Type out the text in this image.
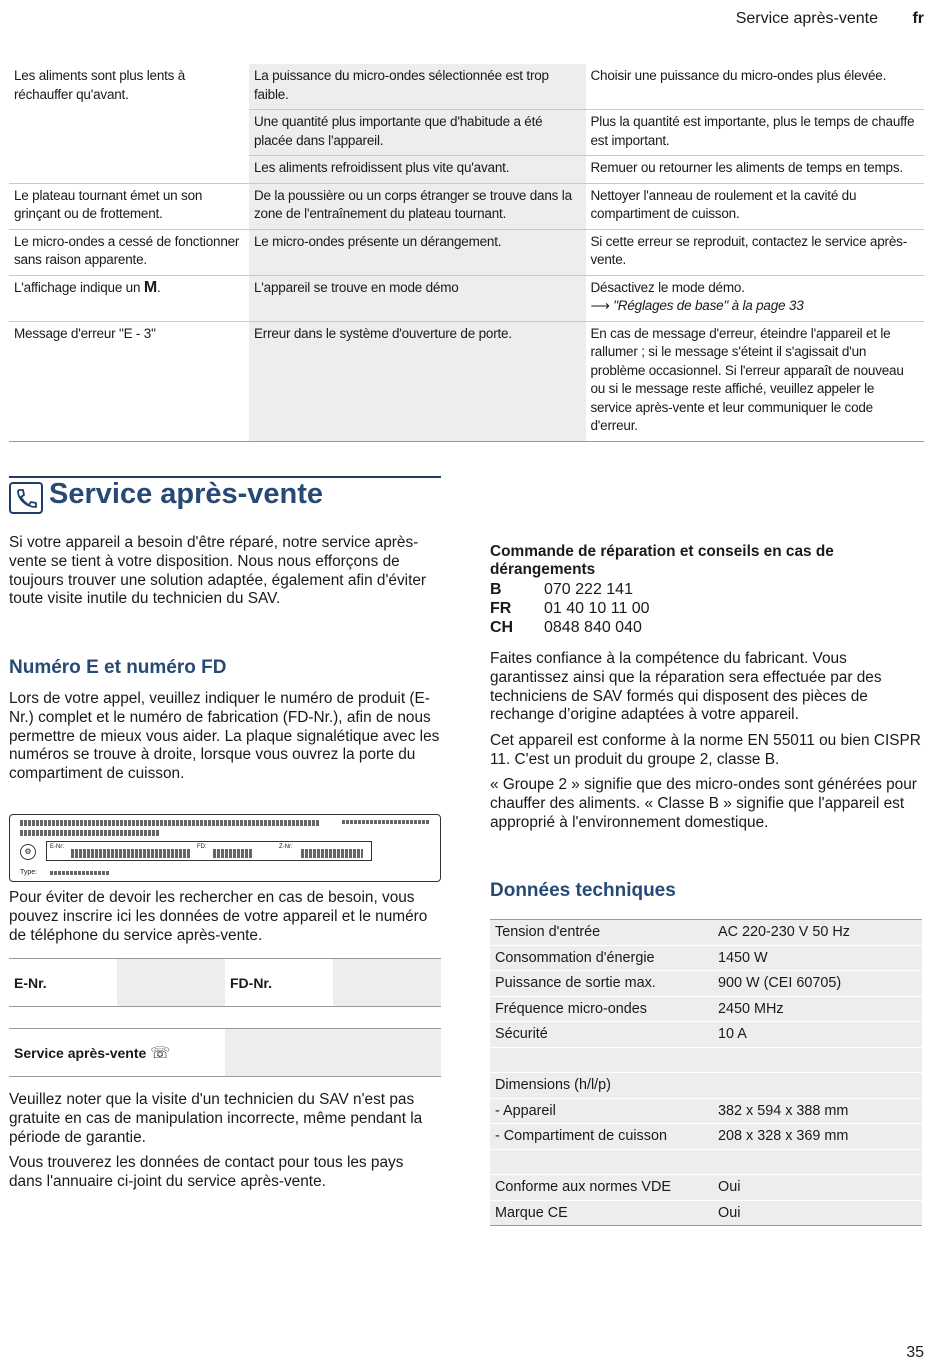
Service après-vente fr
Les aliments sont plus lents à réchauffer qu'avant.	La puissance du micro-ondes sélectionnée est trop faible.	Choisir une puissance du micro-ondes plus élevée.
	Une quantité plus importante que d'habitude a été placée dans l'appareil.	Plus la quantité est importante, plus le temps de chauffe est important.
	Les aliments refroidissent plus vite qu'avant.	Remuer ou retourner les aliments de temps en temps.
Le plateau tournant émet un son grinçant ou de frottement.	De la poussière ou un corps étranger se trouve dans la zone de l'entraînement du plateau tournant.	Nettoyer l'anneau de roulement et la cavité du compartiment de cuisson.
Le micro-ondes a cessé de fonctionner sans raison apparente.	Le micro-ondes présente un dérangement.	Si cette erreur se reproduit, contactez le service après-vente.
L'affichage indique un M.	L'appareil se trouve en mode démo	Désactivez le mode démo.
⟶ "Réglages de base" à la page 33

Message d'erreur "E - 3"	Erreur dans le système d'ouverture de porte.	En cas de message d'erreur, éteindre l'appareil et le rallumer ; si le message s'éteint il s'agissait d'un problème occasionnel. Si l'erreur apparaît de nouveau ou si le message reste affiché, veuillez appeler le service après-vente et leur communiquer le code d'erreur.
Service après-vente
Si votre appareil a besoin d'être réparé, notre service après-vente se tient à votre disposition. Nous nous efforçons de toujours trouver une solution adaptée, également afin d'éviter toute visite inutile du technicien du SAV.
Numéro E et numéro FD
Lors de votre appel, veuillez indiquer le numéro de produit (E-Nr.) complet et le numéro de fabrication (FD-Nr.), afin de nous permettre de mieux vous aider. La plaque signalétique avec les numéros se trouve à droite, lorsque vous ouvrez la porte du compartiment de cuisson.
⚙	E-Nr:	FD:	Z-Nr:
Type:
Pour éviter de devoir les rechercher en cas de besoin, vous pouvez inscrire ici les données de votre appareil et le numéro de téléphone du service après-vente.
E-Nr.		FD-Nr.	

Service après-vente ☏			
Veuillez noter que la visite d'un technicien du SAV n'est pas gratuite en cas de manipulation incorrecte, même pendant la période de garantie.
Vous trouverez les données de contact pour tous les pays dans l'annuaire ci-joint du service après-vente.
Commande de réparation et conseils en cas de dérangements
B	070 222 141
FR	01 40 10 11 00
CH	0848 840 040
Faites confiance à la compétence du fabricant. Vous garantissez ainsi que la réparation sera effectuée par des techniciens de SAV formés qui disposent des pièces de rechange d’origine adaptées à votre appareil.
Cet appareil est conforme à la norme EN 55011 ou bien CISPR 11. C'est un produit du groupe 2, classe B.
« Groupe 2 » signifie que des micro-ondes sont générées pour chauffer des aliments. « Classe B » signifie que l'appareil est approprié à l'environnement domestique.
Données techniques
Tension d'entrée	AC 220-230 V 50 Hz
Consommation d'énergie	1450 W
Puissance de sortie max.	900 W (CEI 60705)
Fréquence micro-ondes	2450 MHz
Sécurité	10 A

Dimensions (h/l/p)	
- Appareil	382 x 594 x 388 mm
- Compartiment de cuisson	208 x 328 x 369 mm

Conforme aux normes VDE	Oui
Marque CE	Oui
35
